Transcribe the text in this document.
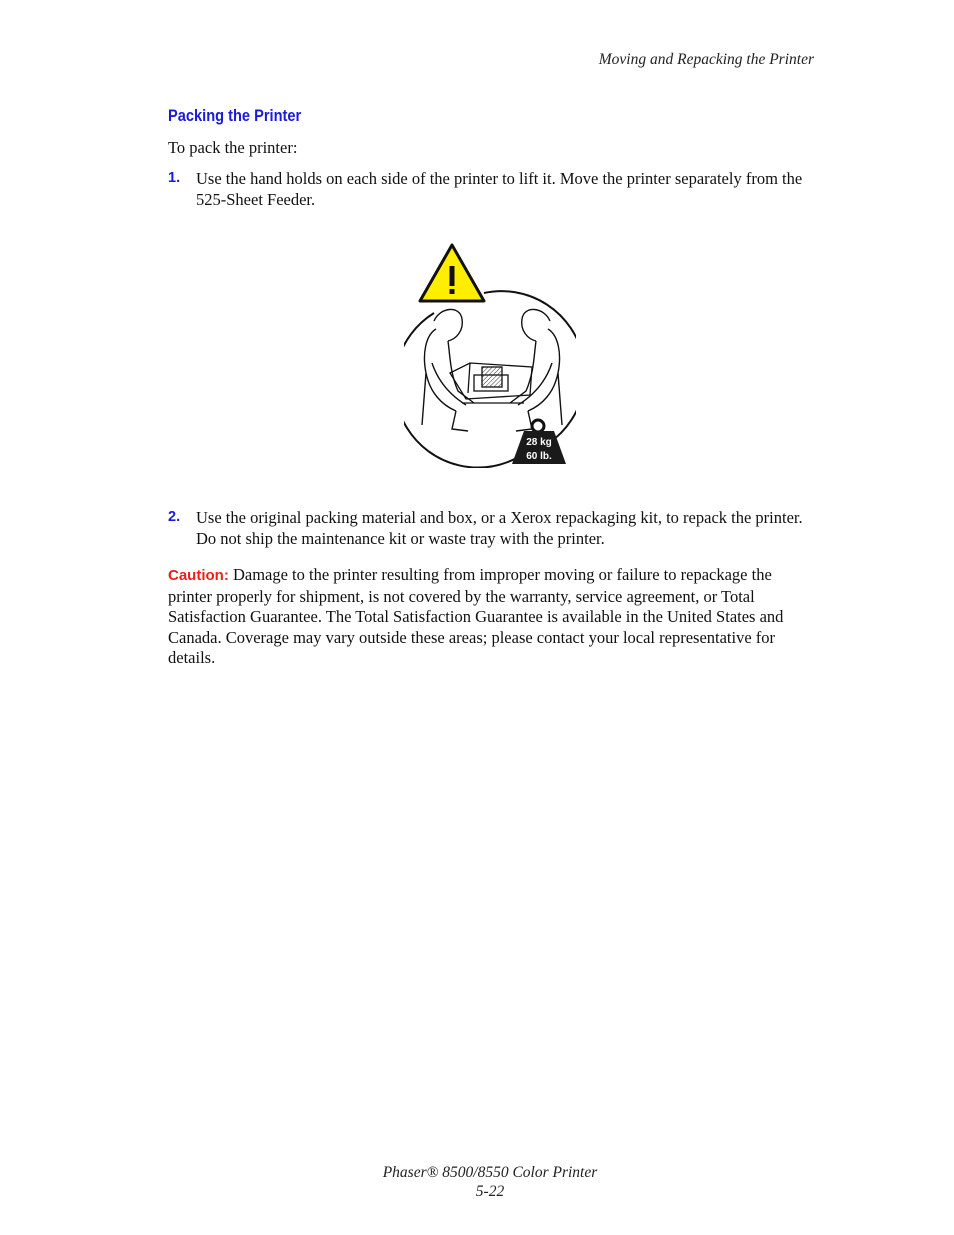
Moving and Repacking the Printer
Packing the Printer
To pack the printer:
1. Use the hand holds on each side of the printer to lift it. Move the printer separately from the 525-Sheet Feeder.
28 kg
60 lb.
2. Use the original packing material and box, or a Xerox repackaging kit, to repack the printer. Do not ship the maintenance kit or waste tray with the printer.
Caution: Damage to the printer resulting from improper moving or failure to repackage the printer properly for shipment, is not covered by the warranty, service agreement, or Total Satisfaction Guarantee. The Total Satisfaction Guarantee is available in the United States and Canada. Coverage may vary outside these areas; please contact your local representative for details.
Phaser® 8500/8550 Color Printer
5-22
